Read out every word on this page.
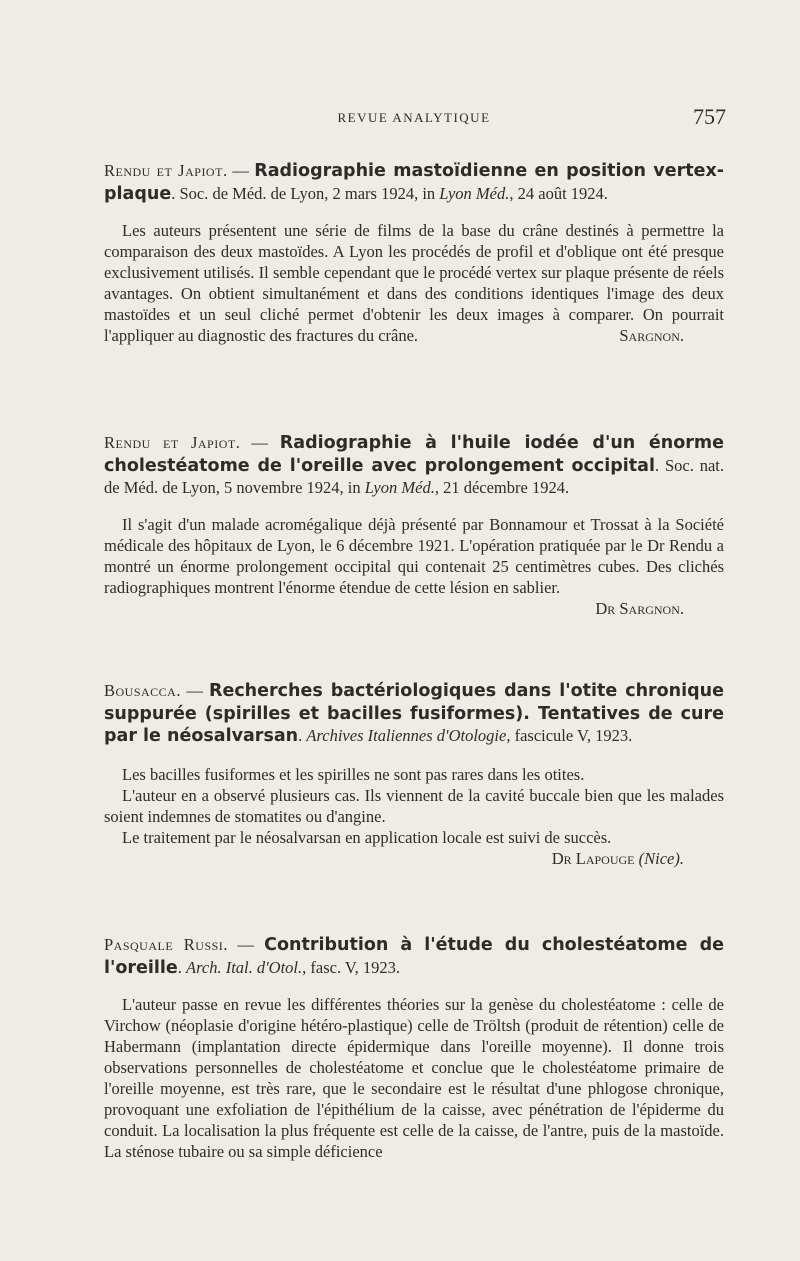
REVUE ANALYTIQUE	757

Rendu et Japiot. — Radiographie mastoïdienne en position vertex-plaque. Soc. de Méd. de Lyon, 2 mars 1924, in Lyon Méd., 24 août 1924.

Les auteurs présentent une série de films de la base du crâne destinés à permettre la comparaison des deux mastoïdes. A Lyon les procédés de profil et d'oblique ont été presque exclusivement utilisés. Il semble cependant que le procédé vertex sur plaque présente de réels avantages. On obtient simultanément et dans des conditions identiques l'image des deux mastoïdes et un seul cliché permet d'obtenir les deux images à comparer. On pourrait l'appliquer au diagnostic des fractures du crâne.	Sargnon.

Rendu et Japiot. — Radiographie à l'huile iodée d'un énorme cholestéatome de l'oreille avec prolongement occipital. Soc. nat. de Méd. de Lyon, 5 novembre 1924, in Lyon Méd., 21 décembre 1924.

Il s'agit d'un malade acromégalique déjà présenté par Bonnamour et Trossat à la Société médicale des hôpitaux de Lyon, le 6 décembre 1921. L'opération pratiquée par le Dr Rendu a montré un énorme prolongement occipital qui contenait 25 centimètres cubes. Des clichés radiographiques montrent l'énorme étendue de cette lésion en sablier.

Dr Sargnon.

Bousacca. — Recherches bactériologiques dans l'otite chronique suppurée (spirilles et bacilles fusiformes). Tentatives de cure par le néosalvarsan. Archives Italiennes d'Otologie, fascicule V, 1923.

Les bacilles fusiformes et les spirilles ne sont pas rares dans les otites.

L'auteur en a observé plusieurs cas. Ils viennent de la cavité buccale bien que les malades soient indemnes de stomatites ou d'angine.

Le traitement par le néosalvarsan en application locale est suivi de succès.
Dr Lapouge (Nice).

Pasquale Russi. — Contribution à l'étude du cholestéatome de l'oreille. Arch. Ital. d'Otol., fasc. V, 1923.

L'auteur passe en revue les différentes théories sur la genèse du cholestéatome : celle de Virchow (néoplasie d'origine hétéro-plastique) celle de Tröltsh (produit de rétention) celle de Habermann (implantation directe épidermique dans l'oreille moyenne). Il donne trois observations personnelles de cholestéatome et conclue que le cholestéatome primaire de l'oreille moyenne, est très rare, que le secondaire est le résultat d'une phlogose chronique, provoquant une exfoliation de l'épithélium de la caisse, avec pénétration de l'épiderme du conduit. La localisation la plus fréquente est celle de la caisse, de l'antre, puis de la mastoïde. La sténose tubaire ou sa simple déficience
